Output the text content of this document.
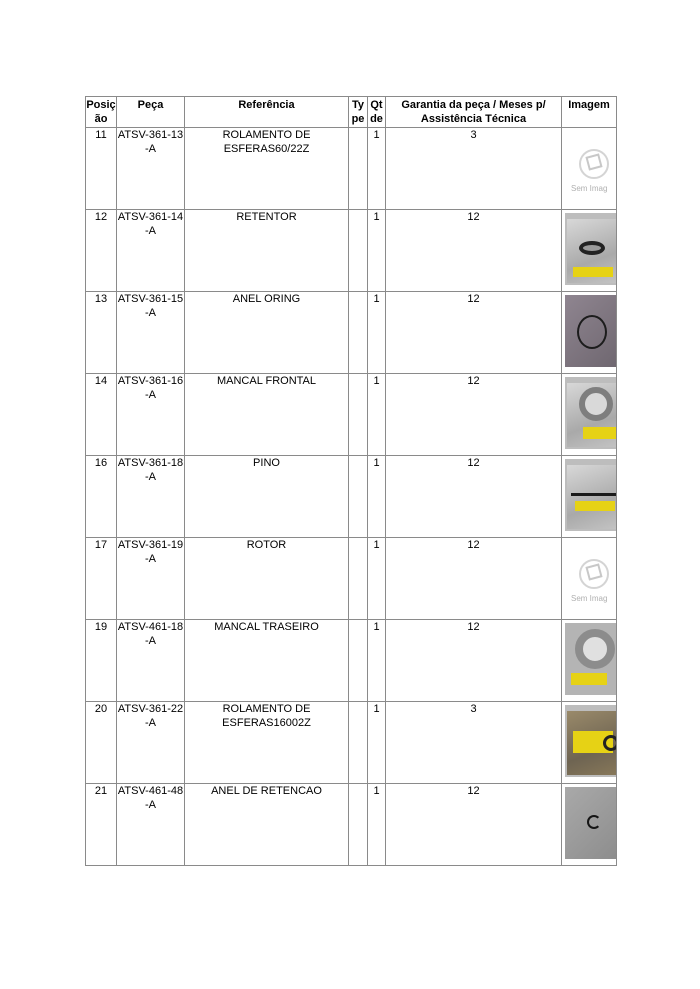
Posiç ão	Peça	Referência	Ty pe	Qt de	Garantia da peça / Meses p/ Assistência Técnica	Imagem
11	ATSV-361-13 -A	ROLAMENTO DE ESFERAS60/22Z		1	3	Sem Imag

12	ATSV-361-14 -A	RETENTOR		1	12	

13	ATSV-361-15 -A	ANEL ORING		1	12	

14	ATSV-361-16 -A	MANCAL FRONTAL		1	12	

16	ATSV-361-18 -A	PINO		1	12	

17	ATSV-361-19 -A	ROTOR		1	12	Sem Imag

19	ATSV-461-18 -A	MANCAL TRASEIRO		1	12	

20	ATSV-361-22 -A	ROLAMENTO DE ESFERAS16002Z		1	3	

21	ATSV-461-48 -A	ANEL DE RETENCAO		1	12	
